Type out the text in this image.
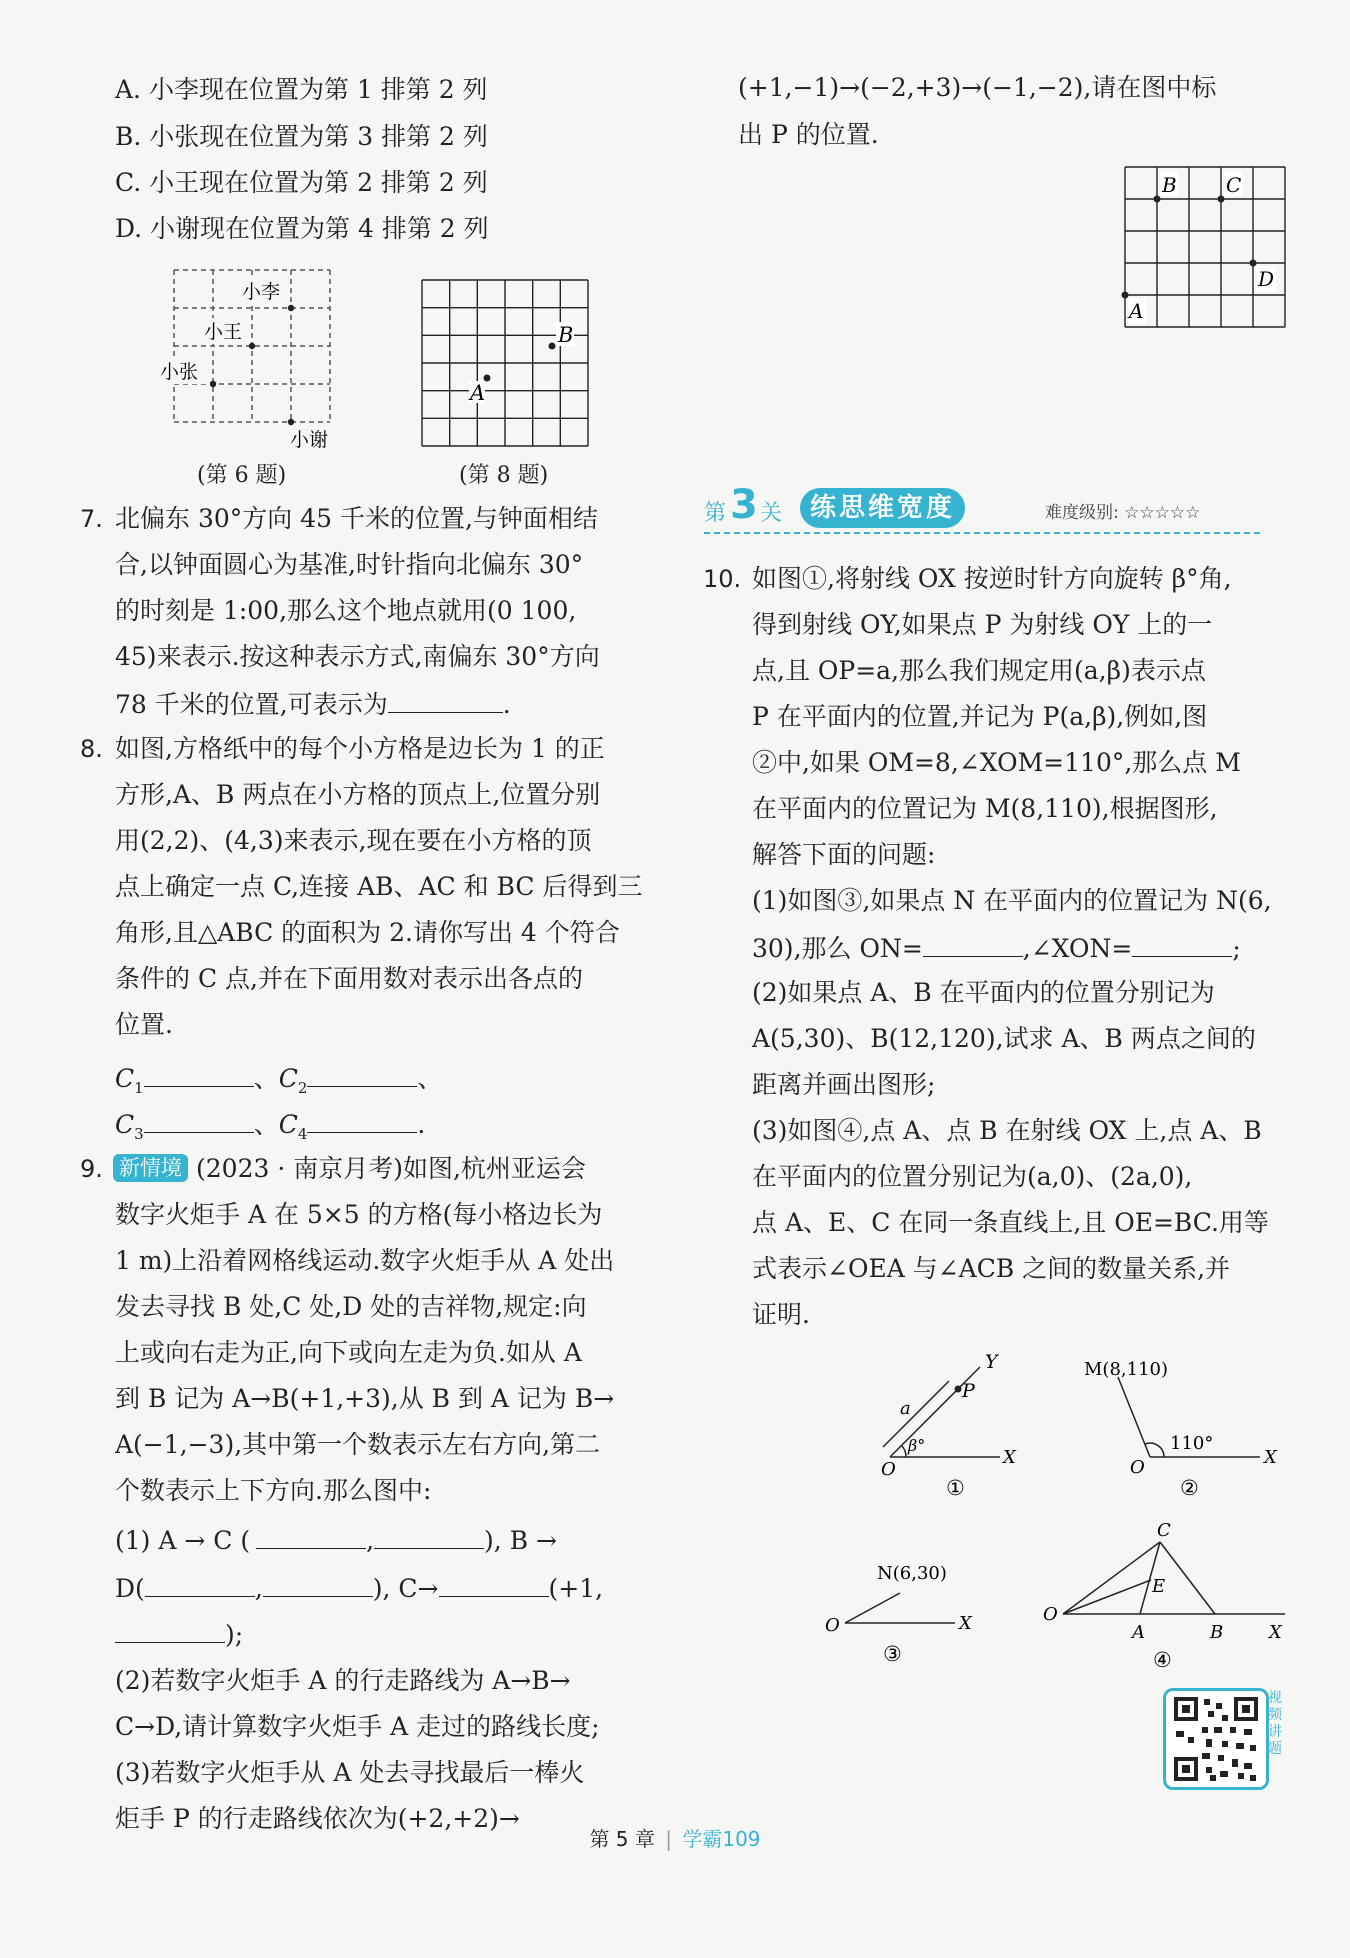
A. 小李现在位置为第 1 排第 2 列
B. 小张现在位置为第 3 排第 2 列
C. 小王现在位置为第 2 排第 2 列
D. 小谢现在位置为第 4 排第 2 列
小李
小王
小张
小谢
(第 6 题)
A
B
(第 8 题)
7. 北偏东 30°方向 45 千米的位置,与钟面相结
合,以钟面圆心为基准,时针指向北偏东 30°
的时刻是 1:00,那么这个地点就用(0 100,
45)来表示.按这种表示方式,南偏东 30°方向
78 千米的位置,可表示为	.
8. 如图,方格纸中的每个小方格是边长为 1 的正
方形,A、B 两点在小方格的顶点上,位置分别
用(2,2)、(4,3)来表示,现在要在小方格的顶
点上确定一点 C,连接 AB、AC 和 BC 后得到三
角形,且△ABC 的面积为 2.请你写出 4 个符合
条件的 C 点,并在下面用数对表示出各点的
位置.
$C_1$	、$C_2$	、
$C_3$	、$C_4$	.
9. 新情境 (2023 · 南京月考)如图,杭州亚运会
数字火炬手 A 在 5×5 的方格(每小格边长为
1 m)上沿着网格线运动.数字火炬手从 A 处出
发去寻找 B 处,C 处,D 处的吉祥物,规定:向
上或向右走为正,向下或向左走为负.如从 A
到 B 记为 A→B(+1,+3),从 B 到 A 记为 B→
A(−1,−3),其中第一个数表示左右方向,第二
个数表示上下方向.那么图中:
(1) A → C (	,	), B →
D(	,	), C→	(+1,
);
(2)若数字火炬手 A 的行走路线为 A→B→
C→D,请计算数字火炬手 A 走过的路线长度;
(3)若数字火炬手从 A 处去寻找最后一棒火
炬手 P 的行走路线依次为(+2,+2)→
(+1,−1)→(−2,+3)→(−1,−2),请在图中标
出 P 的位置.
B C
D
A
第 3 关	练思维宽度	难度级别: ☆☆☆☆☆
10. 如图①,将射线 OX 按逆时针方向旋转 β°角,
得到射线 OY,如果点 P 为射线 OY 上的一
点,且 OP=a,那么我们规定用(a,β)表示点
P 在平面内的位置,并记为 P(a,β),例如,图
②中,如果 OM=8,∠XOM=110°,那么点 M
在平面内的位置记为 M(8,110),根据图形,
解答下面的问题:
(1)如图③,如果点 N 在平面内的位置记为 N(6,
30),那么 ON=	,∠XON=	;
(2)如果点 A、B 在平面内的位置分别记为
A(5,30)、B(12,120),试求 A、B 两点之间的
距离并画出图形;
(3)如图④,点 A、点 B 在射线 OX 上,点 A、B
在平面内的位置分别记为(a,0)、(2a,0),
点 A、E、C 在同一条直线上,且 OE=BC.用等
式表示∠OEA 与∠ACB 之间的数量关系,并
证明.
Y
P
a
β°
O
X
①
M(8,110)
110°
O	X
②
N(6,30)
O	X
③
C
E
O
A	B	X
④
视频讲题
第 5 章 | 学霸109
